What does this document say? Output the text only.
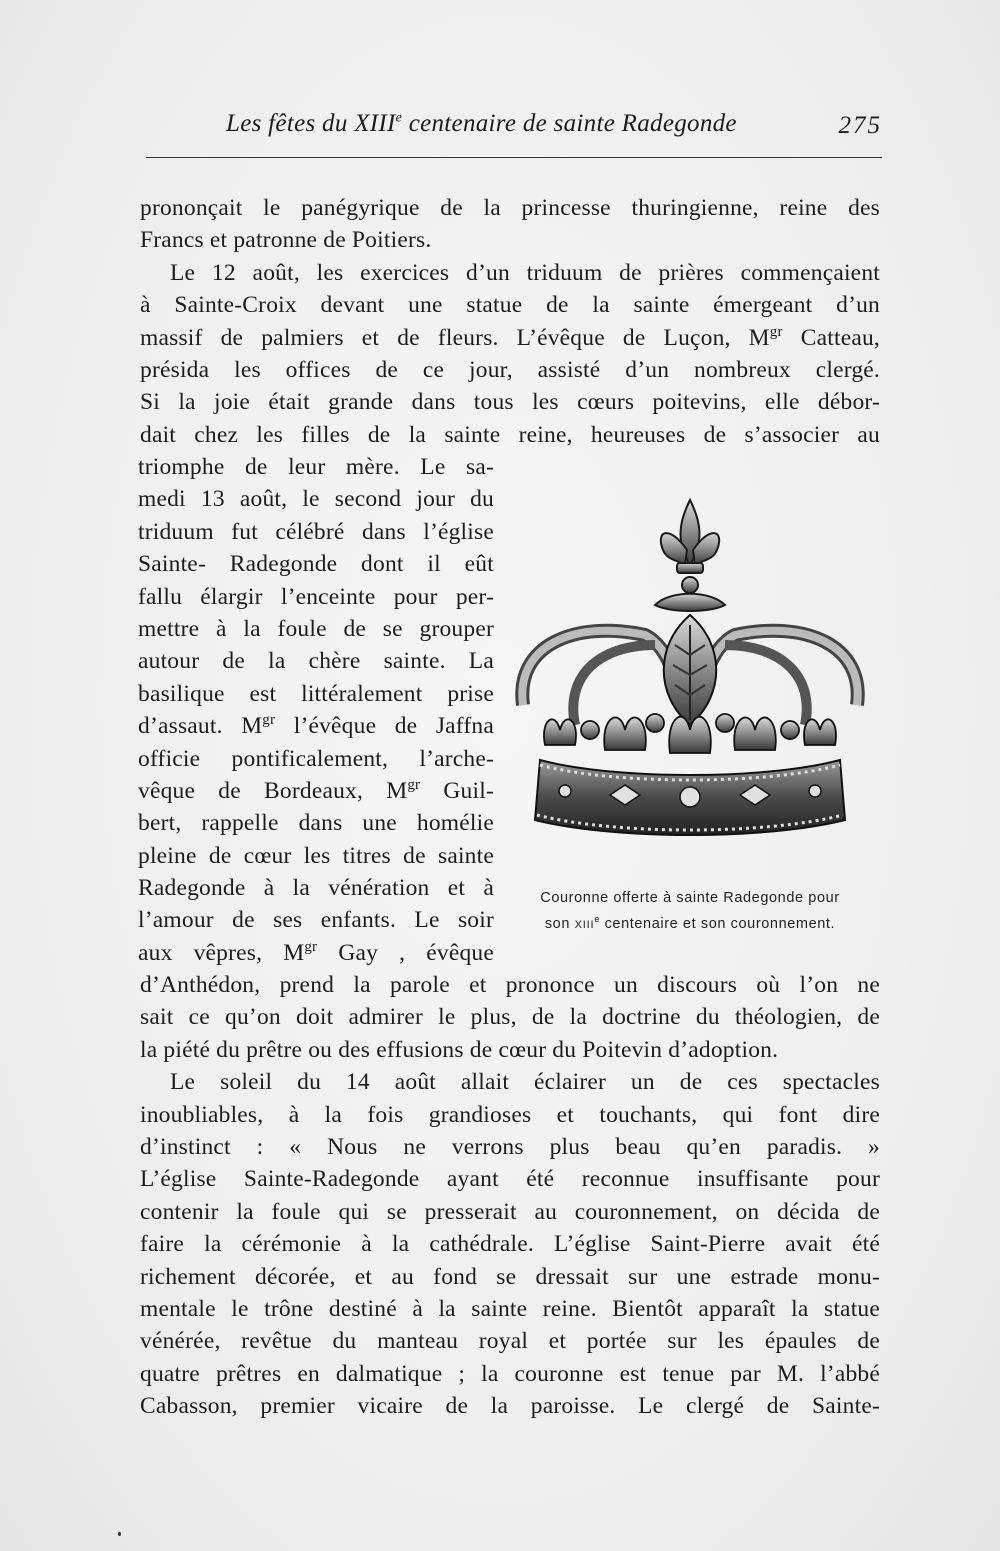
Les fêtes du XIIIe centenaire de sainte Radegonde	275
prononçait le panégyrique de la princesse thuringienne, reine des
Francs et patronne de Poitiers.
Le 12 août, les exercices d’un triduum de prières commençaient
à Sainte-Croix devant une statue de la sainte émergeant d’un
massif de palmiers et de fleurs. L’évêque de Luçon, $M^{gr}$ Catteau,
présida les offices de ce jour, assisté d’un nombreux clergé.
Si la joie était grande dans tous les cœurs poitevins, elle débor-
dait chez les filles de la sainte reine, heureuses de s’associer au
triomphe de leur mère. Le sa-
medi 13 août, le second jour du
triduum fut célébré dans l’église
Sainte- Radegonde dont il eût
fallu élargir l’enceinte pour per-
mettre à la foule de se grouper
autour de la chère sainte. La
basilique est littéralement prise
d’assaut. $M^{gr}$ l’évêque de Jaffna
officie pontificalement, l’arche-
vêque de Bordeaux, $M^{gr}$ Guil-
bert, rappelle dans une homélie
pleine de cœur les titres de sainte
Radegonde à la vénération et à
l’amour de ses enfants. Le soir
aux vêpres, $M^{gr}$ Gay , évêque
Couronne offerte à sainte Radegonde pour
son XIIIe centenaire et son couronnement.
d’Anthédon, prend la parole et prononce un discours où l’on ne
sait ce qu’on doit admirer le plus, de la doctrine du théologien, de
la piété du prêtre ou des effusions de cœur du Poitevin d’adoption.
Le soleil du 14 août allait éclairer un de ces spectacles
inoubliables, à la fois grandioses et touchants, qui font dire
d’instinct : « Nous ne verrons plus beau qu’en paradis. »
L’église Sainte-Radegonde ayant été reconnue insuffisante pour
contenir la foule qui se presserait au couronnement, on décida de
faire la cérémonie à la cathédrale. L’église Saint-Pierre avait été
richement décorée, et au fond se dressait sur une estrade monu-
mentale le trône destiné à la sainte reine. Bientôt apparaît la statue
vénérée, revêtue du manteau royal et portée sur les épaules de
quatre prêtres en dalmatique ; la couronne est tenue par M. l’abbé
Cabasson, premier vicaire de la paroisse. Le clergé de Sainte-
